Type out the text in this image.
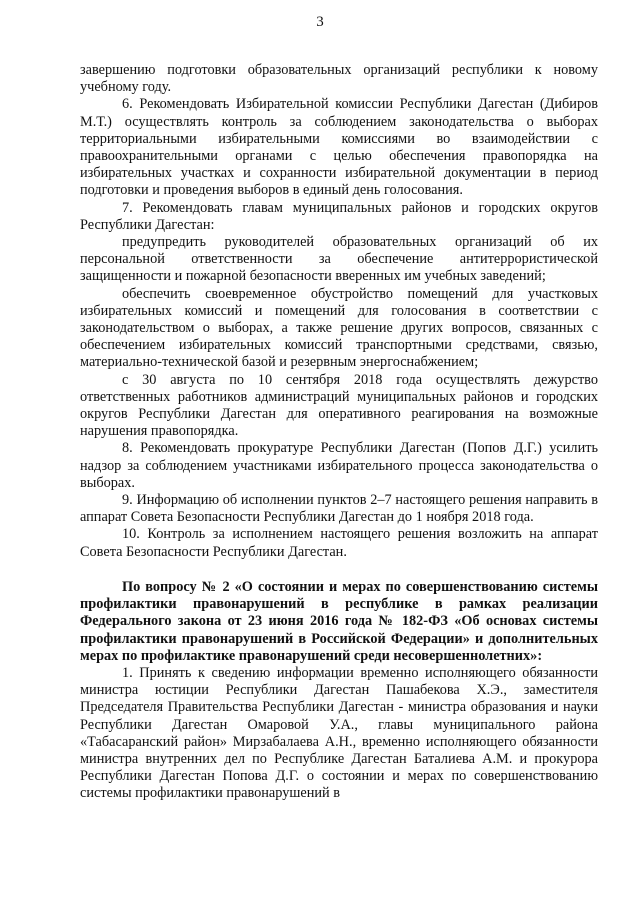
3

завершению подготовки образовательных организаций республики к новому учебному году.

6. Рекомендовать Избирательной комиссии Республики Дагестан (Дибиров М.Т.) осуществлять контроль за соблюдением законодательства о выборах территориальными избирательными комиссиями во взаимодействии с правоохранительными органами с целью обеспечения правопорядка на избирательных участках и сохранности избирательной документации в период подготовки и проведения выборов в единый день голосования.

7. Рекомендовать главам муниципальных районов и городских округов Республики Дагестан:

предупредить руководителей образовательных организаций об их персональной ответственности за обеспечение антитеррористической защищенности и пожарной безопасности вверенных им учебных заведений;

обеспечить своевременное обустройство помещений для участковых избирательных комиссий и помещений для голосования в соответствии с законодательством о выборах, а также решение других вопросов, связанных с обеспечением избирательных комиссий транспортными средствами, связью, материально-технической базой и резервным энергоснабжением;

с 30 августа по 10 сентября 2018 года осуществлять дежурство ответственных работников администраций муниципальных районов и городских округов Республики Дагестан для оперативного реагирования на возможные нарушения правопорядка.

8. Рекомендовать прокуратуре Республики Дагестан (Попов Д.Г.) усилить надзор за соблюдением участниками избирательного процесса законодательства о выборах.

9. Информацию об исполнении пунктов 2–7 настоящего решения направить в аппарат Совета Безопасности Республики Дагестан до 1 ноября 2018 года.

10. Контроль за исполнением настоящего решения возложить на аппарат Совета Безопасности Республики Дагестан.

По вопросу № 2 «О состоянии и мерах по совершенствованию системы профилактики правонарушений в республике в рамках реализации Федерального закона от 23 июня 2016 года № 182-ФЗ «Об основах системы профилактики правонарушений в Российской Федерации» и дополнительных мерах по профилактике правонарушений среди несовершеннолетних»:

1. Принять к сведению информации временно исполняющего обязанности министра юстиции Республики Дагестан Пашабекова Х.Э., заместителя Председателя Правительства Республики Дагестан - министра образования и науки Республики Дагестан Омаровой У.А., главы муниципального района «Табасаранский район» Мирзабалаева А.Н., временно исполняющего обязанности министра внутренних дел по Республике Дагестан Баталиева А.М. и прокурора Республики Дагестан Попова Д.Г. о состоянии и мерах по совершенствованию системы профилактики правонарушений в
